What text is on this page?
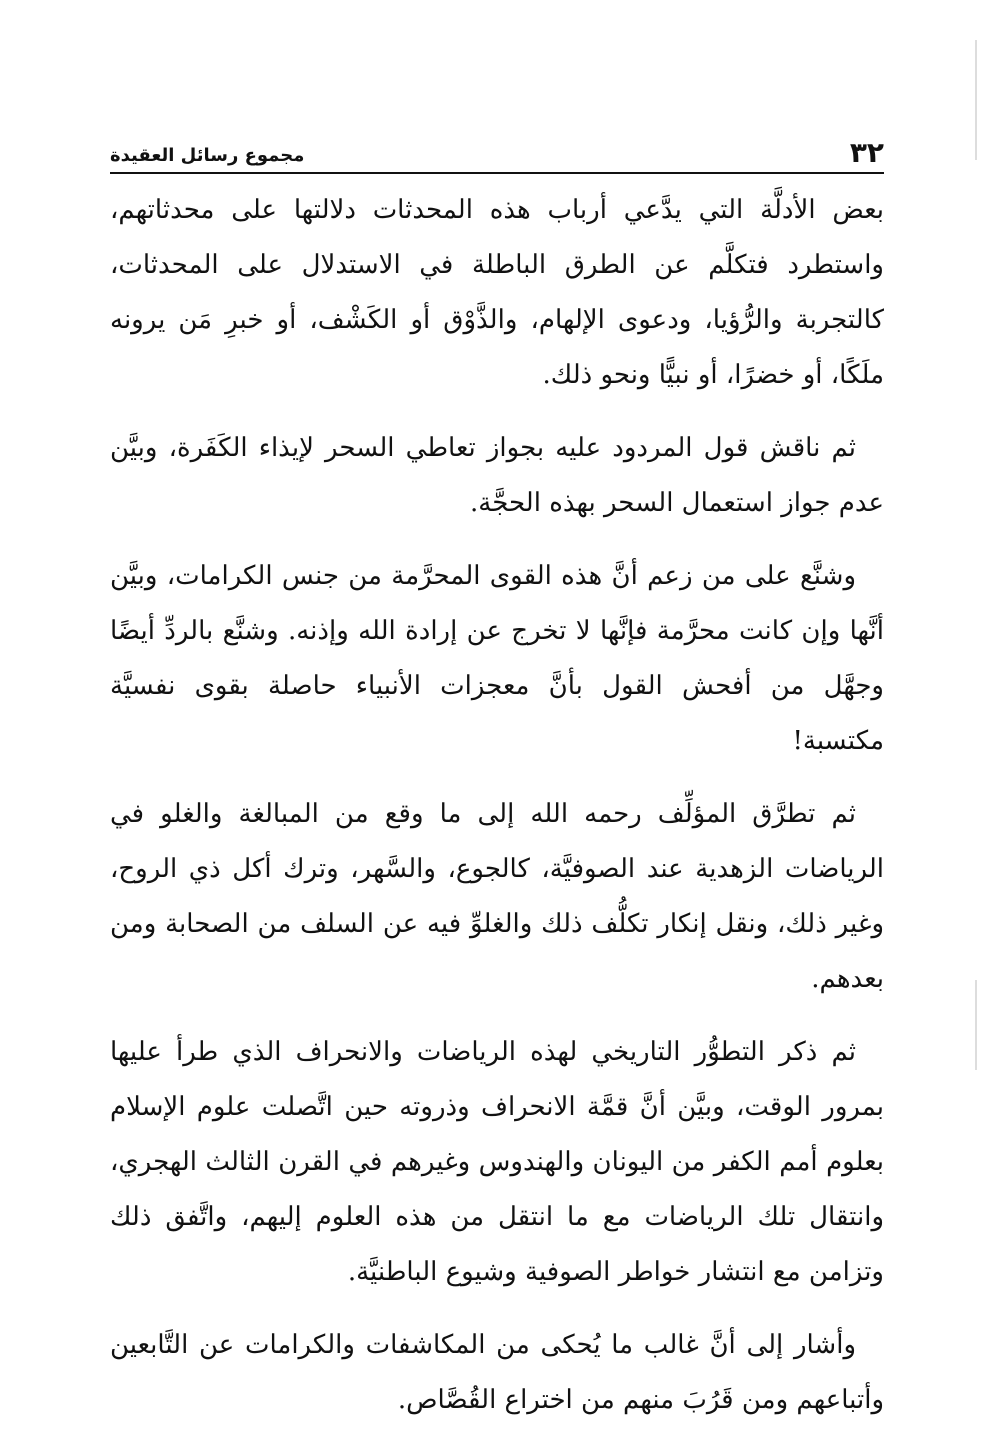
٣٢
مجموع رسائل العقيدة

بعض الأدلَّة التي يدَّعي أرباب هذه المحدثات دلالتها على محدثاتهم، واستطرد فتكلَّم عن الطرق الباطلة في الاستدلال على المحدثات، كالتجربة والرُّؤيا، ودعوى الإلهام، والذَّوْق أو الكَشْف، أو خبرِ مَن يرونه ملَكًا، أو خضرًا، أو نبيًّا ونحو ذلك.

ثم ناقش قول المردود عليه بجواز تعاطي السحر لإيذاء الكَفَرة، وبيَّن عدم جواز استعمال السحر بهذه الحجَّة.

وشنَّع على من زعم أنَّ هذه القوى المحرَّمة من جنس الكرامات، وبيَّن أنَّها وإن كانت محرَّمة فإنَّها لا تخرج عن إرادة الله وإذنه. وشنَّع بالردِّ أيضًا وجهَّل من أفحش القول بأنَّ معجزات الأنبياء حاصلة بقوى نفسيَّة مكتسبة!

ثم تطرَّق المؤلِّف رحمه الله إلى ما وقع من المبالغة والغلو في الرياضات الزهدية عند الصوفيَّة، كالجوع، والسَّهر، وترك أكل ذي الروح، وغير ذلك، ونقل إنكار تكلُّف ذلك والغلوِّ فيه عن السلف من الصحابة ومن بعدهم.

ثم ذكر التطوُّر التاريخي لهذه الرياضات والانحراف الذي طرأ عليها بمرور الوقت، وبيَّن أنَّ قمَّة الانحراف وذروته حين اتَّصلت علوم الإسلام بعلوم أمم الكفر من اليونان والهندوس وغيرهم في القرن الثالث الهجري، وانتقال تلك الرياضات مع ما انتقل من هذه العلوم إليهم، واتَّفق ذلك وتزامن مع انتشار خواطر الصوفية وشيوع الباطنيَّة.

وأشار إلى أنَّ غالب ما يُحكى من المكاشفات والكرامات عن التَّابعين وأتباعهم ومن قَرُبَ منهم من اختراع القُصَّاص.
